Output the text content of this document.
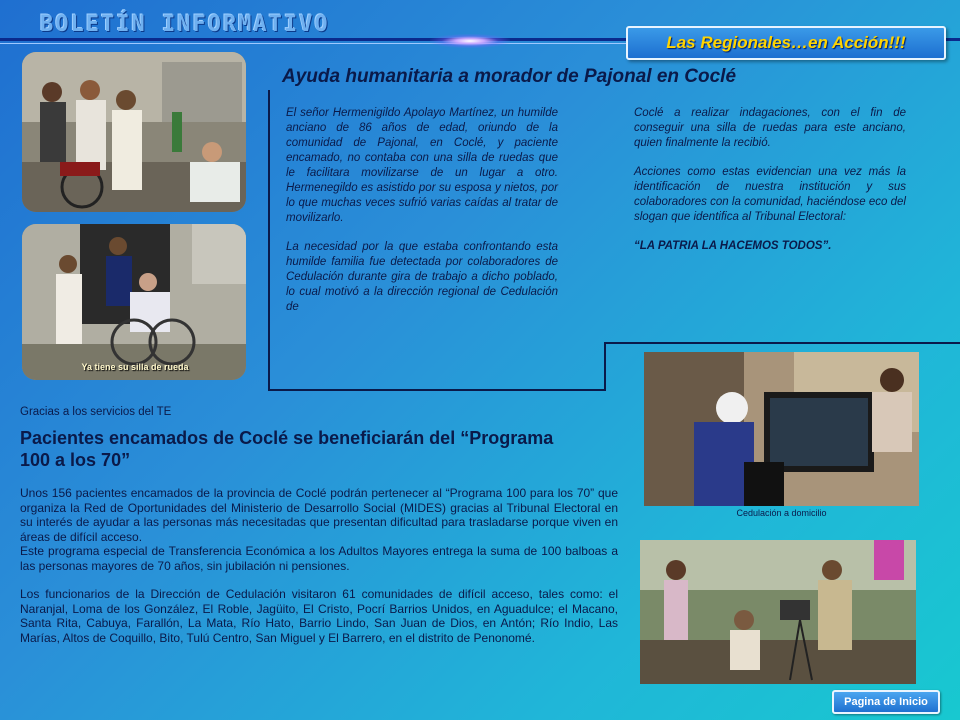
BOLETÍN INFORMATIVO
Las Regionales…en Acción!!!
Ya tiene su silla de rueda
Ayuda humanitaria a morador de Pajonal en Coclé

El señor Hermenigildo Apolayo Martínez, un humilde anciano de 86 años de edad, oriundo de la comunidad de Pajonal, en Coclé, y paciente encamado, no contaba con una silla de ruedas que le facilitara movilizarse de un lugar a otro. Hermenegildo es asistido por su esposa y nietos, por lo que muchas veces sufrió varias caídas al tratar de movilizarlo.

La necesidad por la que estaba confrontando esta humilde familia fue detectada por colaboradores de Cedulación durante gira de trabajo a dicho poblado, lo cual motivó a la dirección regional de Cedulación de

Coclé a realizar indagaciones, con el fin de conseguir una silla de ruedas para este anciano, quien finalmente la recibió.

Acciones como estas evidencian una vez más la identificación de nuestra institución y sus colaboradores con la comunidad, haciéndose eco del slogan que identifica al Tribunal Electoral:

“LA PATRIA LA HACEMOS TODOS”.

Gracias a los servicios del TE
Pacientes encamados de Coclé se beneficiarán del “Programa 100 a los 70”

Unos 156 pacientes encamados de la provincia de Coclé podrán pertenecer al “Programa 100 para los 70” que organiza la Red de Oportunidades del Ministerio de Desarrollo Social (MIDES) gracias al Tribunal Electoral en su interés de ayudar a las personas más necesitadas que presentan dificultad para trasladarse porque viven en áreas de difícil acceso.

Este programa especial de Transferencia Económica a los Adultos Mayores entrega la suma de 100 balboas a las personas mayores de 70 años, sin jubilación ni pensiones.

Los funcionarios de la Dirección de Cedulación visitaron 61 comunidades de difícil acceso, tales como: el Naranjal, Loma de los González, El Roble, Jagüito, El Cristo, Pocrí Barrios Unidos, en Aguadulce; el Macano, Santa Rita, Cabuya, Farallón, La Mata, Río Hato, Barrio Lindo, San Juan de Dios, en Antón; Río Indio, Las Marías, Altos de Coquillo, Bito, Tulú Centro, San Miguel y El Barrero, en el distrito de Penonomé.

Cedulación a domicilio
Pagina de Inicio
